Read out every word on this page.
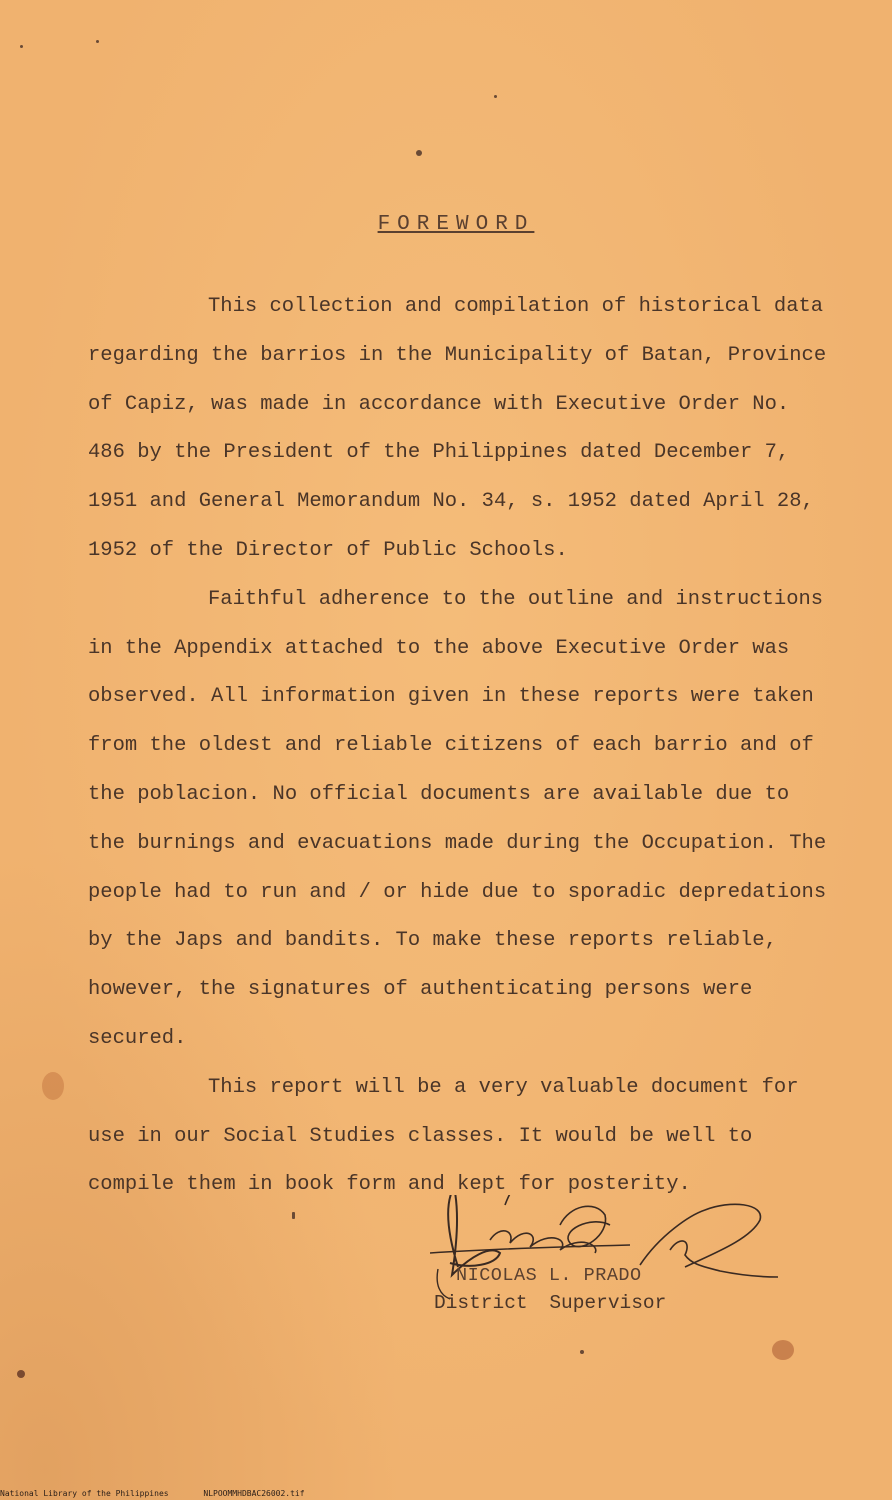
FOREWORD

This collection and compilation of historical data regarding the barrios in the Municipality of Batan, Province of Capiz, was made in accordance with Executive Order No. 486 by the President of the Philippines dated December 7, 1951 and General Memorandum No. 34, s. 1952 dated April 28, 1952 of the Director of Public Schools.

Faithful adherence to the outline and instructions in the Appendix attached to the above Executive Order was observed. All information given in these reports were taken from the oldest and reliable citizens of each barrio and of the poblacion. No official documents are available due to the burnings and evacuations made during the Occupation. The people had to run and / or hide due to sporadic depredations by the Japs and bandits. To make these reports reliable, however, the signatures of authenticating persons were secured.

This report will be a very valuable document for use in our Social Studies classes. It would be well to compile them in book form and kept for posterity.

NICOLAS L. PRADO
District Supervisor
National Library of the Philippines	NLPOOMMHDBAC26002.tif
